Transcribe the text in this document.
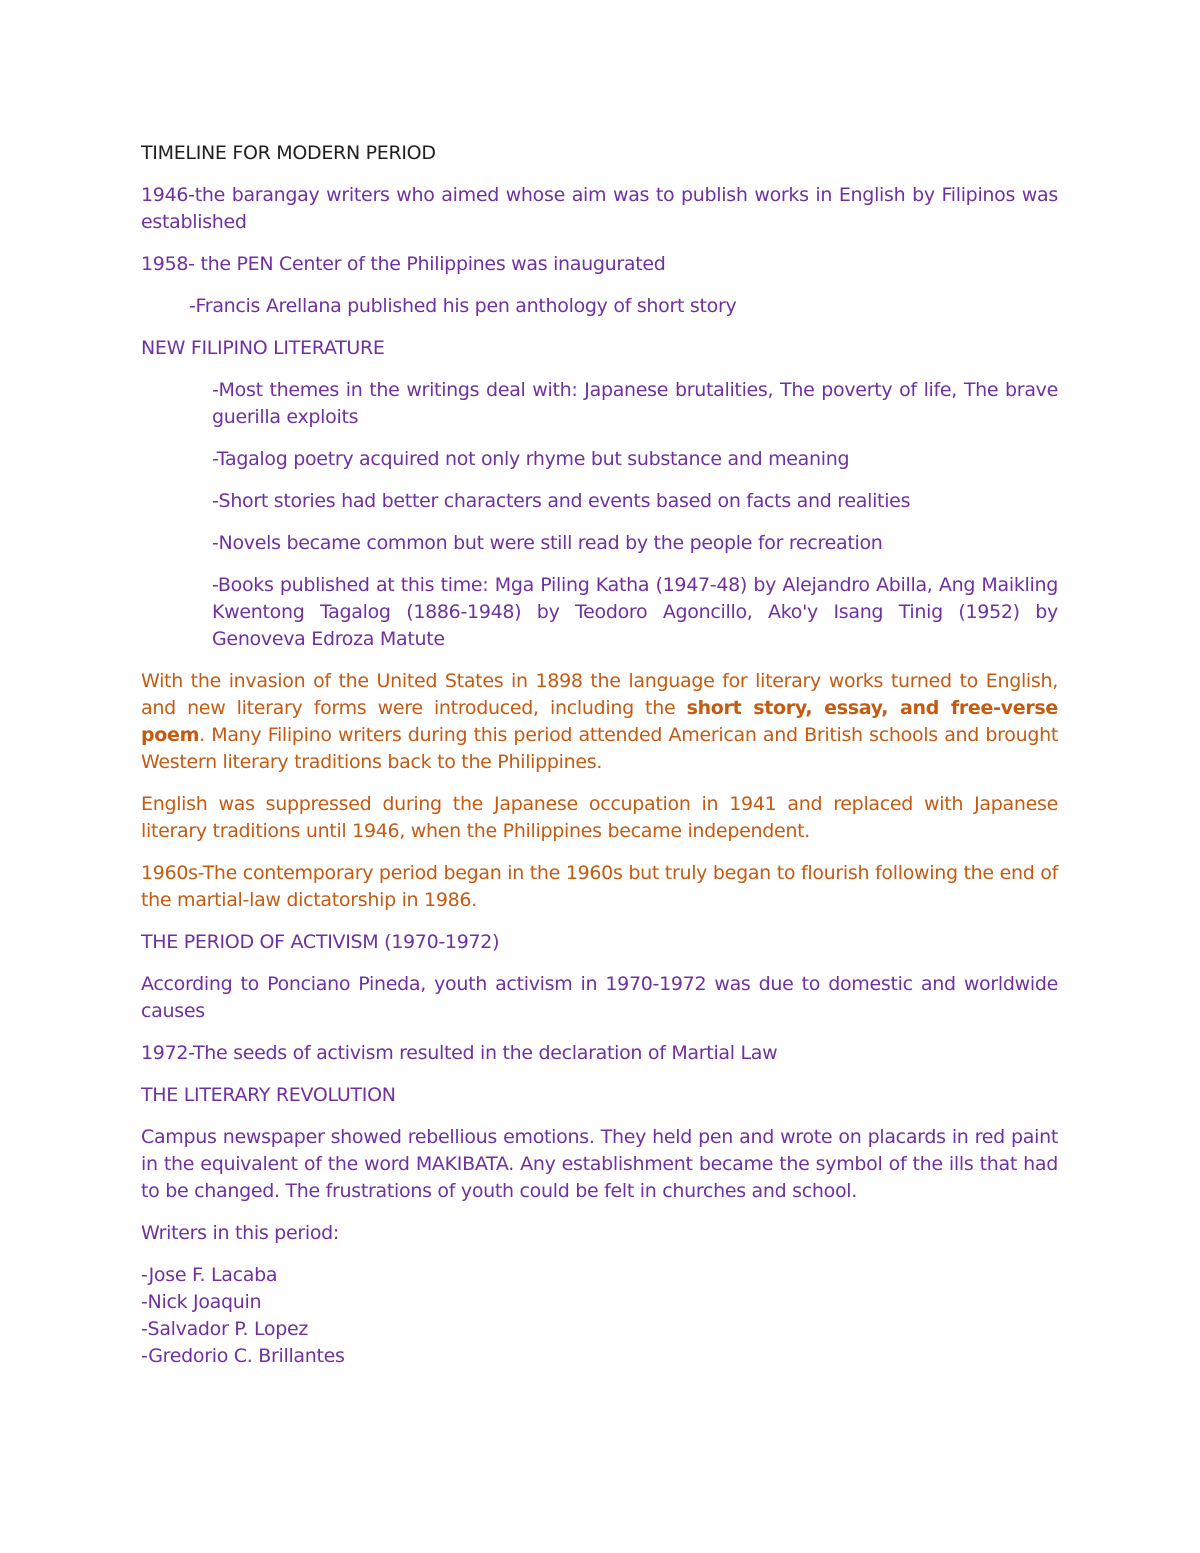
TIMELINE FOR MODERN PERIOD

1946-the barangay writers who aimed whose aim was to publish works in English by Filipinos was established

1958- the PEN Center of the Philippines was inaugurated

-Francis Arellana published his pen anthology of short story

NEW FILIPINO LITERATURE

-Most themes in the writings deal with: Japanese brutalities, The poverty of life, The brave guerilla exploits

-Tagalog poetry acquired not only rhyme but substance and meaning

-Short stories had better characters and events based on facts and realities

-Novels became common but were still read by the people for recreation

-Books published at this time: Mga Piling Katha (1947-48) by Alejandro Abilla, Ang Maikling Kwentong Tagalog (1886-1948) by Teodoro Agoncillo, Ako'y Isang Tinig (1952) by Genoveva Edroza Matute

With the invasion of the United States in 1898 the language for literary works turned to English, and new literary forms were introduced, including the short story, essay, and free-verse poem. Many Filipino writers during this period attended American and British schools and brought Western literary traditions back to the Philippines.

English was suppressed during the Japanese occupation in 1941 and replaced with Japanese literary traditions until 1946, when the Philippines became independent.

1960s-The contemporary period began in the 1960s but truly began to flourish following the end of the martial-law dictatorship in 1986.

THE PERIOD OF ACTIVISM (1970-1972)

According to Ponciano Pineda, youth activism in 1970-1972 was due to domestic and worldwide causes

1972-The seeds of activism resulted in the declaration of Martial Law

THE LITERARY REVOLUTION

Campus newspaper showed rebellious emotions. They held pen and wrote on placards in red paint in the equivalent of the word MAKIBATA. Any establishment became the symbol of the ills that had to be changed. The frustrations of youth could be felt in churches and school.

Writers in this period:

-Jose F. Lacaba

-Nick Joaquin

-Salvador P. Lopez

-Gredorio C. Brillantes
